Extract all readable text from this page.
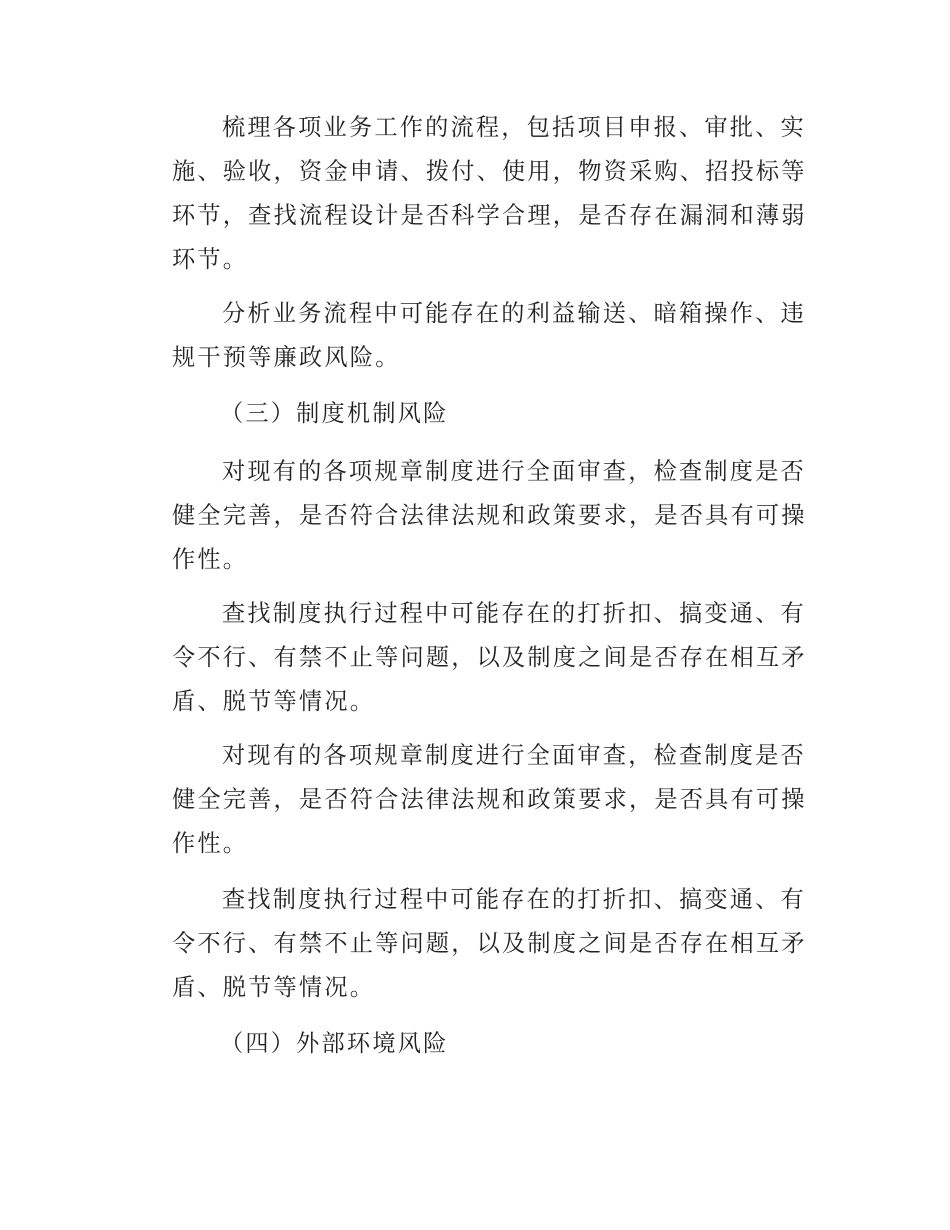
梳理各项业务工作的流程，包括项目申报、审批、实
施、验收，资金申请、拨付、使用，物资采购、招投标等
环节，查找流程设计是否科学合理，是否存在漏洞和薄弱
环节。

分析业务流程中可能存在的利益输送、暗箱操作、违
规干预等廉政风险。

（三）制度机制风险

对现有的各项规章制度进行全面审查，检查制度是否
健全完善，是否符合法律法规和政策要求，是否具有可操
作性。

查找制度执行过程中可能存在的打折扣、搞变通、有
令不行、有禁不止等问题，以及制度之间是否存在相互矛
盾、脱节等情况。

对现有的各项规章制度进行全面审查，检查制度是否
健全完善，是否符合法律法规和政策要求，是否具有可操
作性。

查找制度执行过程中可能存在的打折扣、搞变通、有
令不行、有禁不止等问题，以及制度之间是否存在相互矛
盾、脱节等情况。

（四）外部环境风险
